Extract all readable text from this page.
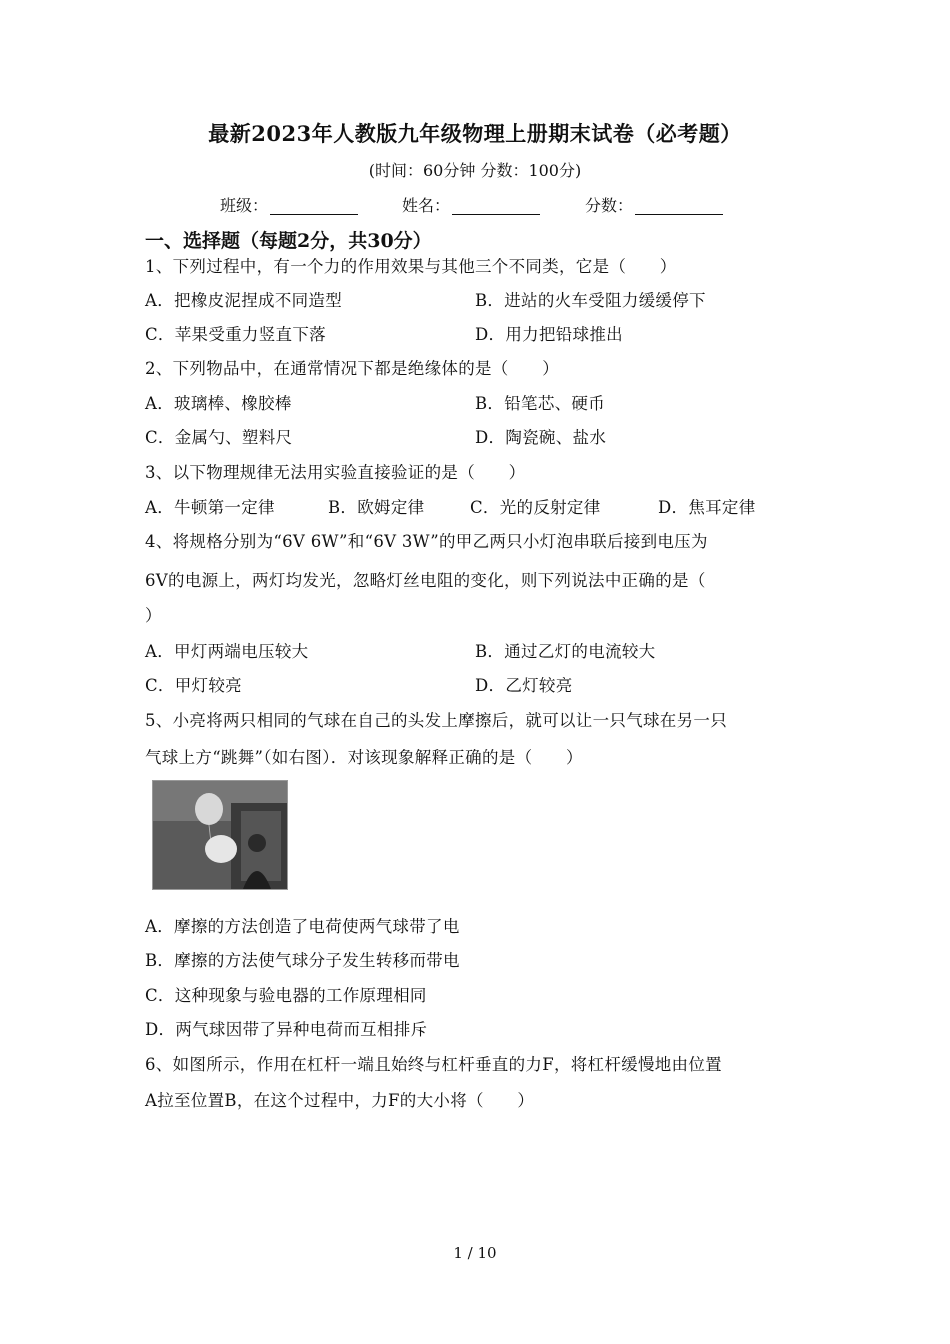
最新2023年人教版九年级物理上册期末试卷（必考题）
(时间：60分钟 分数：100分)
班级：	姓名：	分数：
一、选择题（每题2分，共30分）
1、下列过程中，有一个力的作用效果与其他三个不同类，它是（　　）
A．把橡皮泥捏成不同造型	B．进站的火车受阻力缓缓停下
C．苹果受重力竖直下落	D．用力把铅球推出
2、下列物品中，在通常情况下都是绝缘体的是（　　）
A．玻璃棒、橡胶棒	B．铅笔芯、硬币
C．金属勺、塑料尺	D．陶瓷碗、盐水
3、以下物理规律无法用实验直接验证的是（　　）
A．牛顿第一定律	B．欧姆定律	C．光的反射定律	D．焦耳定律
4、将规格分别为“6V 6W”和“6V 3W”的甲乙两只小灯泡串联后接到电压为
6V的电源上，两灯均发光，忽略灯丝电阻的变化，则下列说法中正确的是（
）
A．甲灯两端电压较大	B．通过乙灯的电流较大
C．甲灯较亮	D．乙灯较亮
5、小亮将两只相同的气球在自己的头发上摩擦后，就可以让一只气球在另一只
气球上方“跳舞”（如右图）．对该现象解释正确的是（　　）
A．摩擦的方法创造了电荷使两气球带了电
B．摩擦的方法使气球分子发生转移而带电
C．这种现象与验电器的工作原理相同
D．两气球因带了异种电荷而互相排斥
6、如图所示，作用在杠杆一端且始终与杠杆垂直的力F，将杠杆缓慢地由位置
A拉至位置B，在这个过程中，力F的大小将（　　）
1 / 10
